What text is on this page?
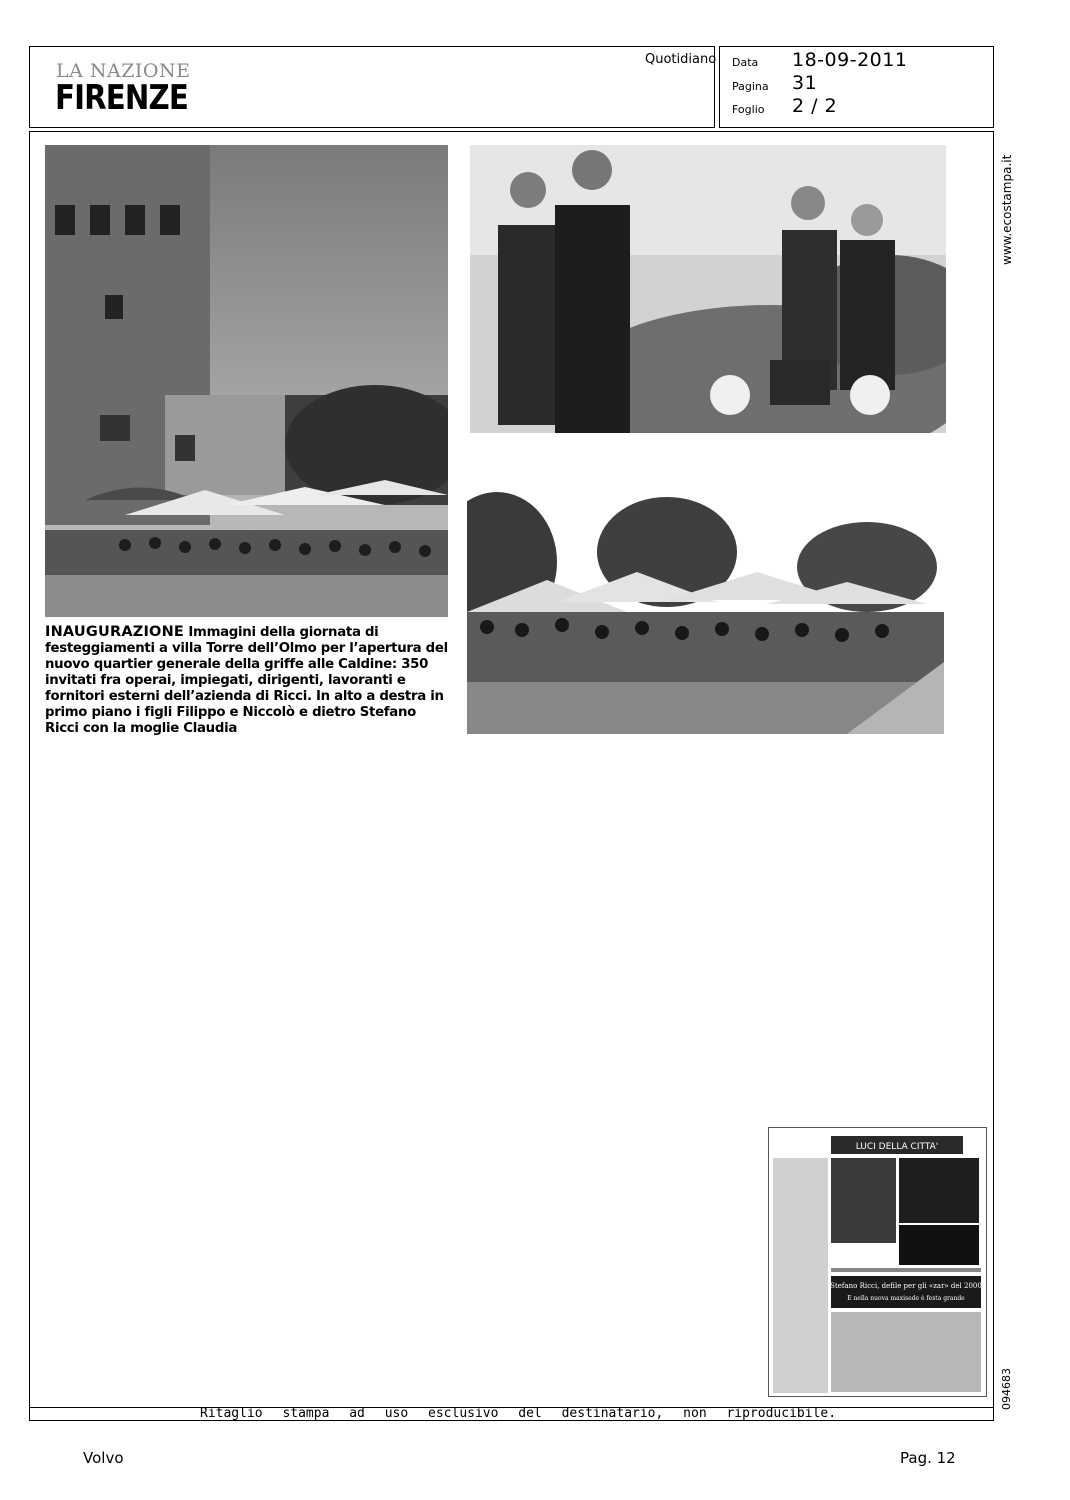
LA NAZIONE
FIRENZE
Quotidiano Data 18-09-2011
Pagina 31
Foglio 2 / 2
www.ecostampa.it
094683
INAUGURAZIONE Immagini della giornata di festeggiamenti a villa Torre dell’Olmo per l’apertura del nuovo quartier generale della griffe alle Caldine: 350 invitati fra operai, impiegati, dirigenti, lavoranti e fornitori esterni dell’azienda di Ricci. In alto a destra in primo piano i figli Filippo e Niccolò e dietro Stefano Ricci con la moglie Claudia
LUCI DELLA CITTA'
Stefano Ricci, defile per gli «zar» del 2000
E nella nuova maxisede è festa grande
Ritaglio stampa ad uso esclusivo del destinatario, non riproducibile.
Volvo	Pag. 12
